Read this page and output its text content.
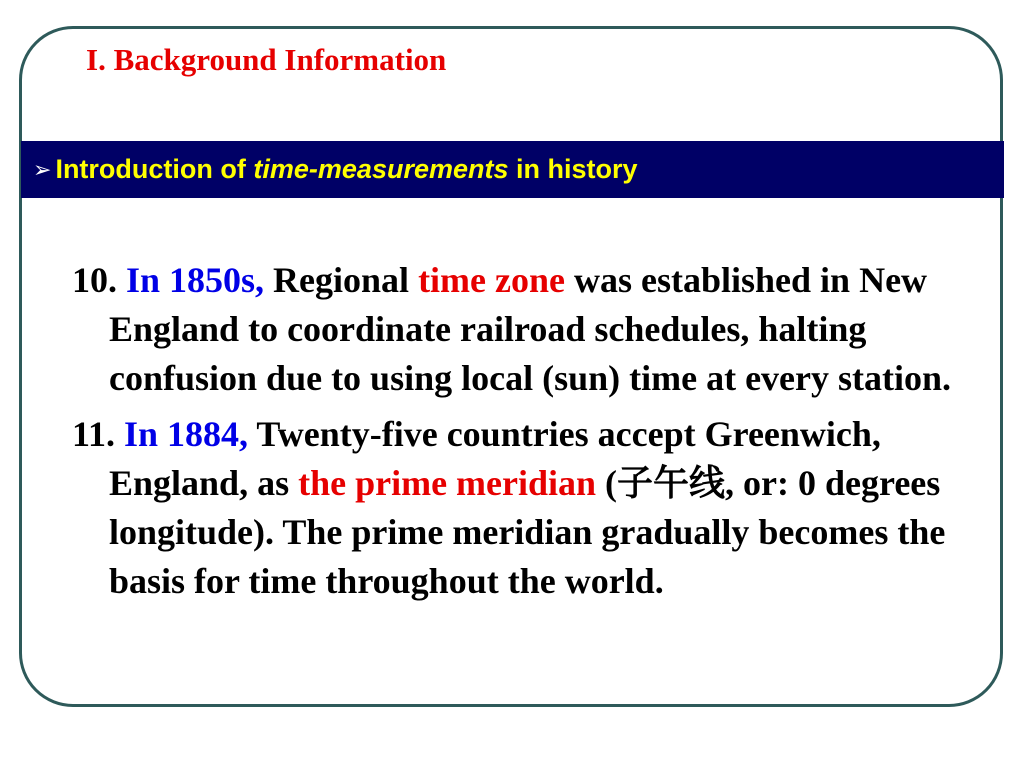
I. Background Information
➢ Introduction of time-measurements in history
10. In 1850s, Regional time zone was established in New England to coordinate railroad schedules, halting confusion due to using local (sun) time at every station.
11. In 1884, Twenty-five countries accept Greenwich, England, as the prime meridian (子午线, or: 0 degrees longitude). The prime meridian gradually becomes the basis for time throughout the world.
